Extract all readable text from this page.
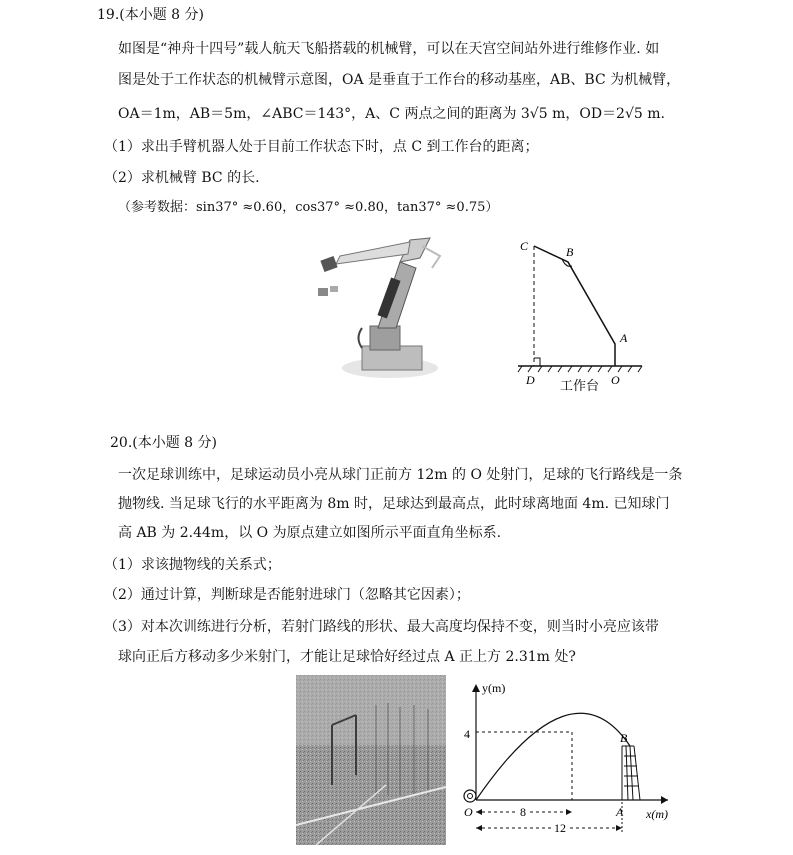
19.(本小题 8 分)
如图是“神舟十四号”载人航天飞船搭载的机械臂，可以在天宫空间站外进行维修作业. 如
图是处于工作状态的机械臂示意图，OA 是垂直于工作台的移动基座，AB、BC 为机械臂，
OA＝1m，AB＝5m，∠ABC＝143°，A、C 两点之间的距离为 3√5 m，OD＝2√5 m.
（1）求出手臂机器人处于目前工作状态下时，点 C 到工作台的距离；
（2）求机械臂 BC 的长.
（参考数据：sin37° ≈0.60，cos37° ≈0.80，tan37° ≈0.75）
C	B
A
D	O
工作台
20.(本小题 8 分)
一次足球训练中，足球运动员小亮从球门正前方 12m 的 O 处射门，足球的飞行路线是一条
抛物线. 当足球飞行的水平距离为 8m 时，足球达到最高点，此时球离地面 4m. 已知球门
高 AB 为 2.44m，以 O 为原点建立如图所示平面直角坐标系.
（1）求该抛物线的关系式；
（2）通过计算，判断球是否能射进球门（忽略其它因素）；
（3）对本次训练进行分析，若射门路线的形状、最大高度均保持不变，则当时小亮应该带
球向正后方移动多少米射门，才能让足球恰好经过点 A 正上方 2.31m 处?
y(m)
x(m)
O
4	B
A
8
12
